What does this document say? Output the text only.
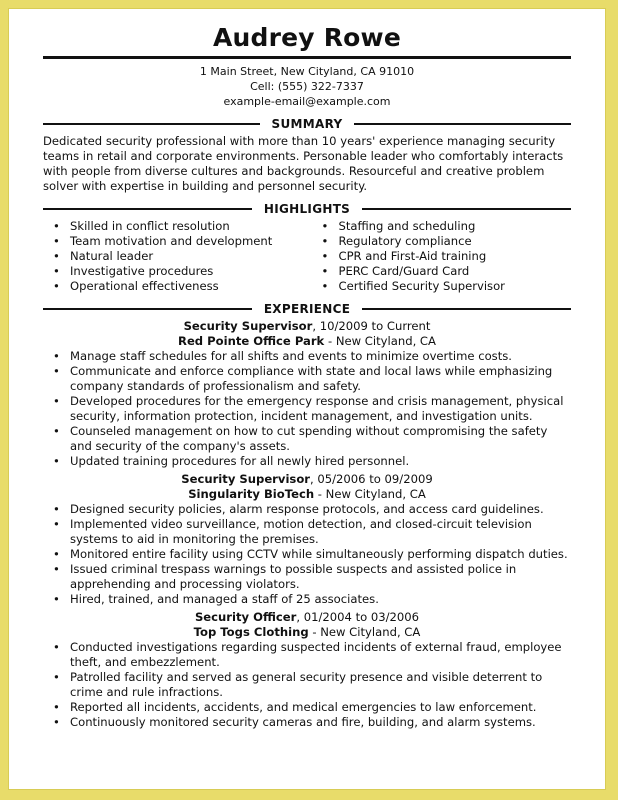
Audrey Rowe
1 Main Street, New Cityland, CA 91010
Cell: (555) 322-7337
example-email@example.com
SUMMARY

Dedicated security professional with more than 10 years' experience managing security teams in retail and corporate environments. Personable leader who comfortably interacts with people from diverse cultures and backgrounds. Resourceful and creative problem solver with expertise in building and personnel security.

HIGHLIGHTS
• Skilled in conflict resolution
• Team motivation and development
• Natural leader
• Investigative procedures
• Operational effectiveness
• Staffing and scheduling
• Regulatory compliance
• CPR and First-Aid training
• PERC Card/Guard Card
• Certified Security Supervisor
EXPERIENCE
Security Supervisor, 10/2009 to Current
Red Pointe Office Park - New Cityland, CA
• Manage staff schedules for all shifts and events to minimize overtime costs.
• Communicate and enforce compliance with state and local laws while emphasizing company standards of professionalism and safety.
• Developed procedures for the emergency response and crisis management, physical security, information protection, incident management, and investigation units.
• Counseled management on how to cut spending without compromising the safety and security of the company's assets.
• Updated training procedures for all newly hired personnel.
Security Supervisor, 05/2006 to 09/2009
Singularity BioTech - New Cityland, CA
• Designed security policies, alarm response protocols, and access card guidelines.
• Implemented video surveillance, motion detection, and closed-circuit television systems to aid in monitoring the premises.
• Monitored entire facility using CCTV while simultaneously performing dispatch duties.
• Issued criminal trespass warnings to possible suspects and assisted police in apprehending and processing violators.
• Hired, trained, and managed a staff of 25 associates.
Security Officer, 01/2004 to 03/2006
Top Togs Clothing - New Cityland, CA
• Conducted investigations regarding suspected incidents of external fraud, employee theft, and embezzlement.
• Patrolled facility and served as general security presence and visible deterrent to crime and rule infractions.
• Reported all incidents, accidents, and medical emergencies to law enforcement.
• Continuously monitored security cameras and fire, building, and alarm systems.
